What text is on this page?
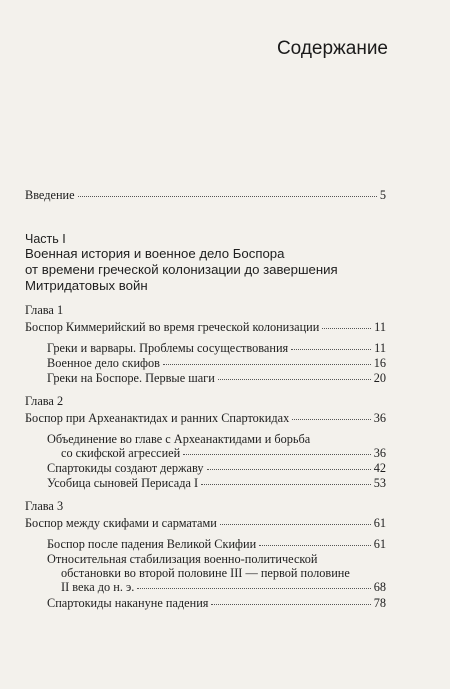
Содержание
Введение	5
Часть I
Военная история и военное дело Боспора
от времени греческой колонизации до завершения
Митридатовых войн
Глава 1
Боспор Киммерийский во время греческой колонизации	11
Греки и варвары. Проблемы сосуществования	11
Военное дело скифов	16
Греки на Боспоре. Первые шаги	20
Глава 2
Боспор при Археанактидах и ранних Спартокидах	36
Объединение во главе с Археанактидами и борьба
со скифской агрессией	36
Спартокиды создают державу	42
Усобица сыновей Перисада I	53
Глава 3
Боспор между скифами и сарматами	61
Боспор после падения Великой Скифии	61
Относительная стабилизация военно-политической
обстановки во второй половине III — первой половине
II века до н. э.	68
Спартокиды накануне падения	78
